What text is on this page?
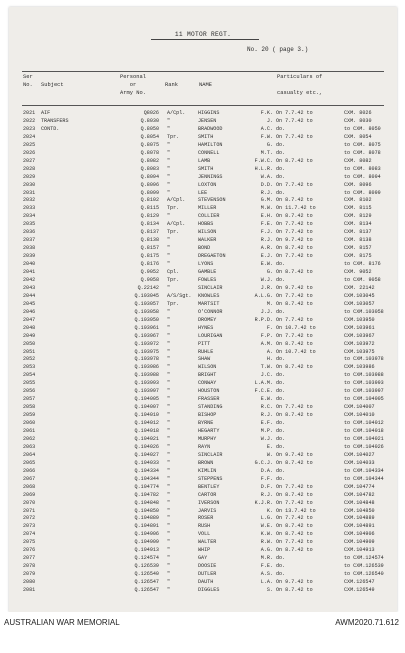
11 MOTOR REGT.
No. 20 ( page 3.)
Ser
No. Subject
Personal
or
Army No.
Rank	NAME
Particulars of
casualty etc.,
2021 AIF	Q8026 A/Cpl. HIGGINS	F.K. On 7.7.42 to	CXM. 8026
2022 TRANSFERS	Q.8030 "	JENSEN	J. On 7.7.42 to	CXM. 8030
2023 CONTD.	Q.8050 "	BRADWOOD	A.C. do.	to CXM. 8050
2024	Q.8054 Tpr.	SMITH	F.W. On 7.7.42 to	CXM. 8054
2025	Q.8075 "	HAMILTON	G. do.	to CXM. 8075
2026	Q.8078 "	CONNELL	M.T. do.	to CXM. 8078
2027	Q.8082 "	LAMB	F.W.C. On 8.7.42 to	CXM. 8082
2028	Q.8083 "	SMITH	H.L.R. do.	to CXM. 8083
2029	Q.8094 "	JENNINGS	W.A. do.	to CXM. 8094
2030	Q.8096 "	LOXTON	D.D. On 7.7.42 to	CXM. 8096
2031	Q.8099 "	LEE	R.J. do.	to CXM. 8099
2032	Q.8102 A/Cpl. STEVENSON	G.M. On 8.7.42 to	CXM. 8102
2033	Q.8115 Tpr.	MILLER	M.W. On 11.7.42 to	CXM. 8115
2034	Q.8129 "	COLLIER	E.H. On 8.7.42 to	CXM. 8129
2035	Q.8134 A/Cpl. HOBBS	F.E. On 7.7.42 to	CXM. 8134
2036	Q.8137 Tpr.	WILSON	F.J. On 7.7.42 to	CXM. 8137
2037	Q.8138 "	WALKER	R.J. On 9.7.42 to	CXM. 8138
2038	Q.8157 "	BOND	A.R. On 8.7.42 to	CXM. 8157
2039	Q.8175 "	DREGAETON	E.J. On 7.7.42 to	CXM. 8175
2040	Q.8176 "	LYONS	E.W. do.	to CXM. 8176
2041	Q.9052 Cpl.	GAMBLE	G. On 8.7.42 to	CXM. 9052
2042	Q.9058 Tpr.	FOWLES	W.J. do.	to CXM. 9058
2043	Q.22142 "	SINCLAIR	J.R. On 9.7.42 to	CXM. 22142
2044	Q.103045 A/S/Sgt. KNOWLES	A.L.G. On 7.7.42 to	CXM.103045
2045	Q.103057 Tpr.	MARTSIT	M. On 8.7.42 to	CXM.103057
2046	Q.103058 "	O'CONNOR	J.J. do.	to CXM.103058
2047	Q.103950 "	DROMEY	R.P.D. On 7.7.42 to	CXM.103950
2048	Q.103961 "	HYNES	F. On 10.7.42 to	CXM.103961
2049	Q.103967 "	LOURIGAN	F.P. On 7.7.42 to	CXM.103967
2050	Q.103972 "	PITT	A.M. On 8.7.42 to	CXM.103972
2051	Q.103975 "	RUHLE	A. On 10.7.42 to	CXM.103975
2052	Q.103978 "	SHAW	H. do.	to CXM.103978
2053	Q.103986 "	WILSON	T.W. On 8.7.42 to	CXM.103986
2054	Q.103988 "	BRIGHT	J.C. do.	to CXM.103988
2055	Q.103993 "	CONWAY	L.A.M. do.	to CXM.103993
2056	Q.103997 "	HOUSTON	F.C.E. do.	to CXM.103997
2057	Q.104005 "	FRASSER	E.W. do.	to CXM.104005
2058	Q.104007 "	STANDING	R.C. On 7.7.42 to	CXM.104007
2059	Q.104010 "	BISHOP	R.J. On 8.7.42 to	CXM.104010
2060	Q.104012 "	BYRNE	E.F. do.	to CXM.104012
2061	Q.104018 "	HEGARTY	M.P. do.	to CXM.104018
2062	Q.104021 "	MURPHY	W.J. do.	to CXM.104021
2063	Q.104026 "	RAYN	E. do.	to CXM.104026
2064	Q.104027 "	SINCLAIR	W. On 9.7.42 to	CXM.104027
2065	Q.104033 "	BROWN	G.C.J. On 8.7.42 to	CXM.104033
2066	Q.104334 "	KIMLIN	D.A. do.	to CXM.104334
2067	Q.104344 "	STEPPENS	F.F. do.	to CXM.104344
2068	Q.104774 "	BENTLEY	D.F. On 7.7.42 to	CXM.104774
2069	Q.104782 "	CARTOR	R.J. On 8.7.42 to	CXM.104782
2070	Q.104848 "	IVERSON	K.J.R. On 7.7.42 to	CXM.104848
2071	Q.104850 "	JARVIS	K. On 13.7.42 to	CXM.104850
2072	Q.104889 "	ROSER	L.G. On 7.7.42 to	CXM.104889
2073	Q.104891 "	RUSH	W.E. On 8.7.42 to	CXM.104891
2074	Q.104906 "	VOLL	K.W. On 8.7.42 to	CXM.104906
2075	Q.104909 "	WALTER	R.W. On 7.7.42 to	CXM.104909
2076	Q.104913 "	WHIP	A.G. On 8.7.42 to	CXM.104913
2077	Q.124574 "	GAY	M.R. do.	to CXM.124574
2078	Q.126539 "	DOOSIE	F.E. do.	to CXM.126539
2079	Q.126540 "	DUTLER	A.S. do.	to CXM.126540
2080	Q.126547 "	DAUTH	L.A. On 9.7.42 to	CXM.126547
2081	Q.126547 "	DIGGLES	S. On 8.7.42 to	CXM.126549
AUSTRALIAN WAR MEMORIAL	AWM2020.71.612
